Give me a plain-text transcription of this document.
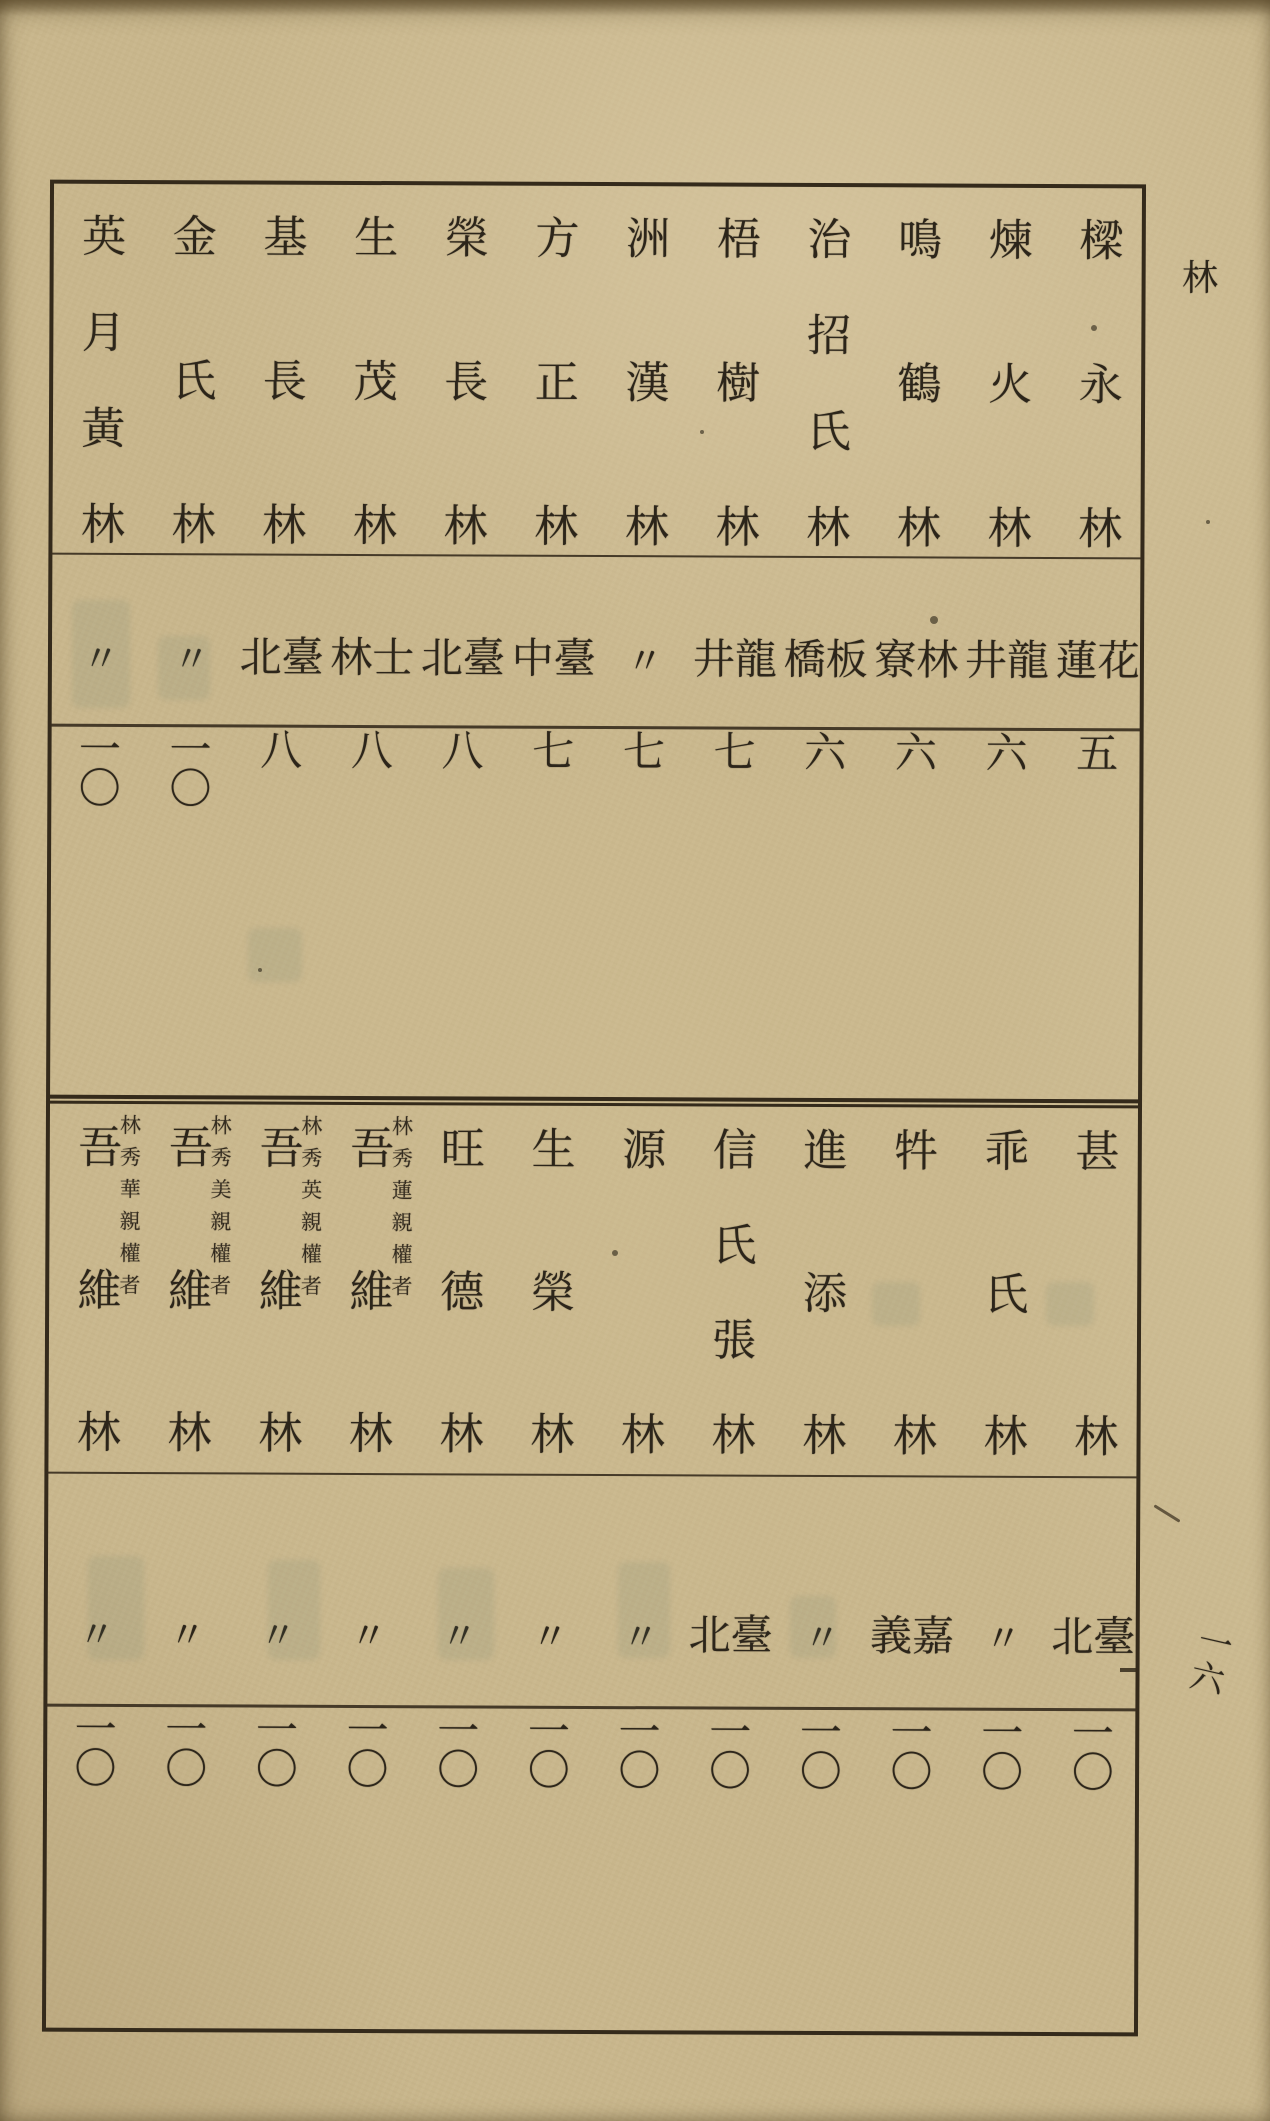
林
一六
林
永
樑
林
火
煉
林
鶴
鳴
林
氏
招
治
林
樹
梧
林
漢
洲
林
正
方
林
長
榮
林
茂
生
林
長
基
林
氏
金
林
黃
月
英
花蓮
龍井
林寮
板橋
龍井
〃
臺中
臺北
士林
臺北
〃
〃
五
六
六
六
七
七
七
八
八
八
一〇
一〇
林
甚
林
氏
乖
林
牪
林
添
進
林
張
氏
信
林
源
林
榮
生
林
德
旺
林
維
吾
林秀蓮親權者
林
維
吾
林秀英親權者
林
維
吾
林秀美親權者
林
維
吾
林秀華親權者
臺北
〃
嘉義
〃
臺北
〃
〃
〃
〃
〃
〃
〃
一〇
一〇
一〇
一〇
一〇
一〇
一〇
一〇
一〇
一〇
一〇
一〇
